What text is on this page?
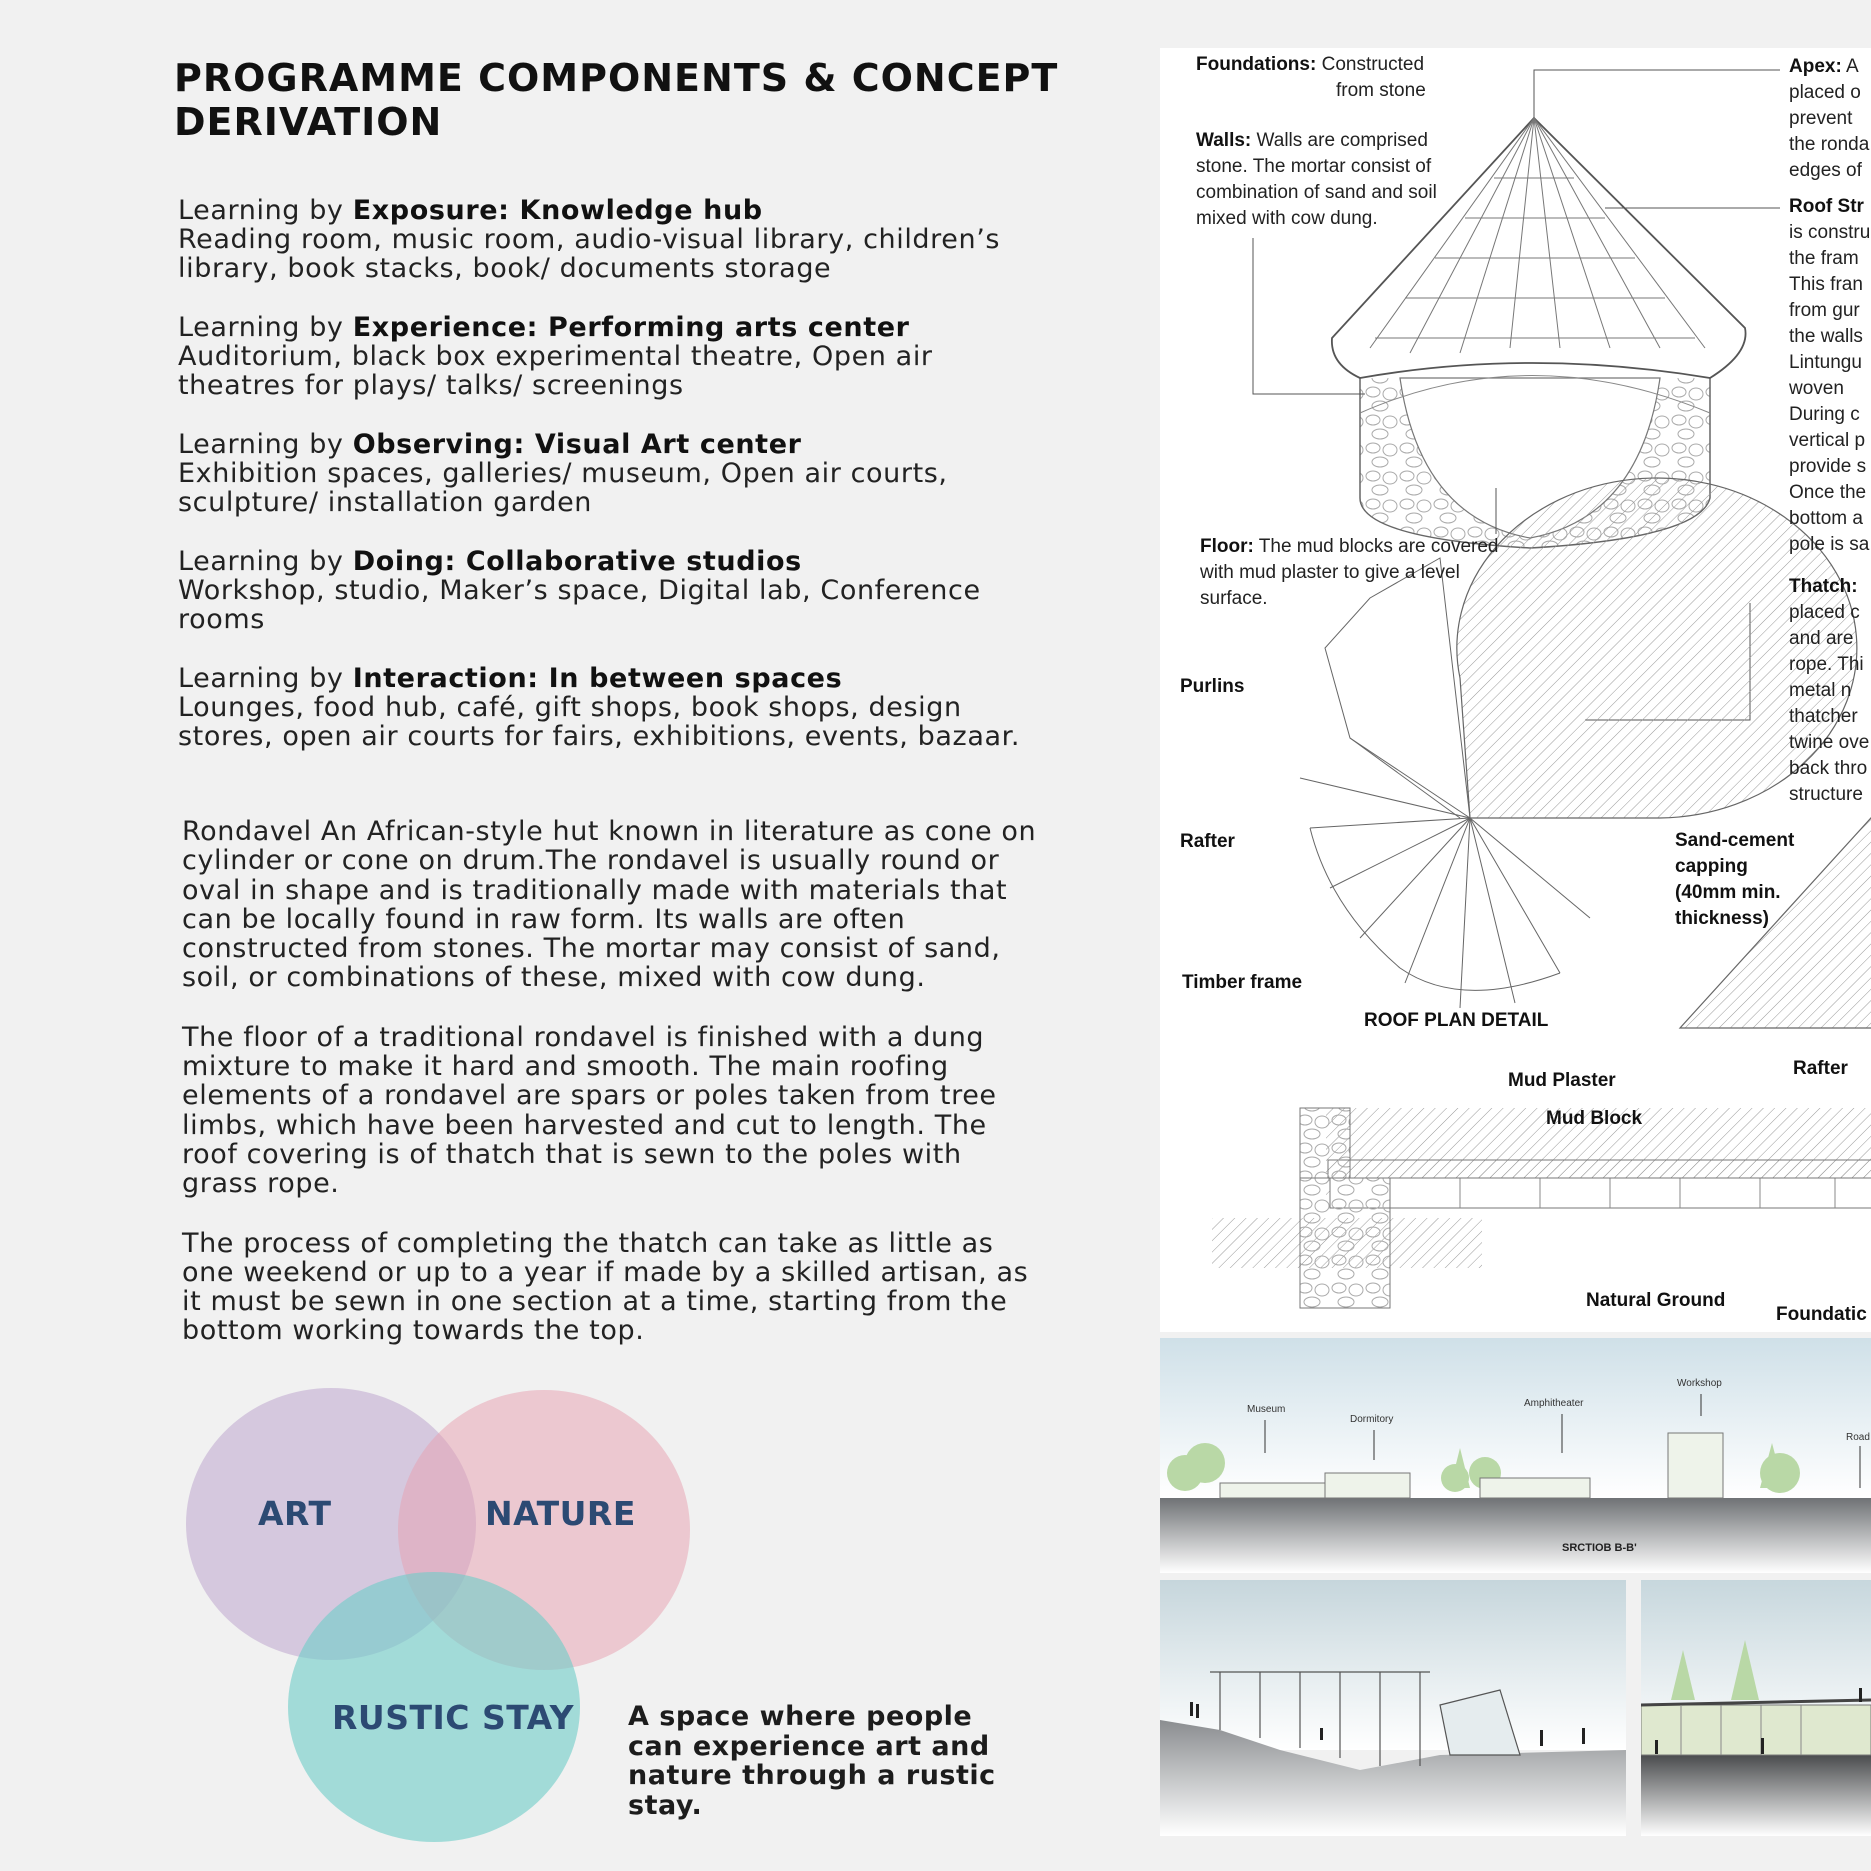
PROGRAMME COMPONENTS & CONCEPT
DERIVATION
Learning by Exposure: Knowledge hub
Reading room, music room, audio-visual library, children’s library, book stacks, book/ documents storage
Learning by Experience: Performing arts center
Auditorium, black box experimental theatre, Open air theatres for plays/ talks/ screenings
Learning by Observing: Visual Art center
Exhibition spaces, galleries/ museum, Open air courts, sculpture/ installation garden
Learning by Doing: Collaborative studios
Workshop, studio, Maker’s space, Digital lab, Conference rooms
Learning by Interaction: In between spaces
Lounges, food hub, café, gift shops, book shops, design stores, open air courts for fairs, exhibitions, events, bazaar.

Rondavel An African-style hut known in literature as cone on cylinder or cone on drum.The rondavel is usually round or oval in shape and is traditionally made with materials that can be locally found in raw form. Its walls are often constructed from stones. The mortar may consist of sand, soil, or combinations of these, mixed with cow dung.

The floor of a traditional rondavel is finished with a dung mixture to make it hard and smooth. The main roofing elements of a rondavel are spars or poles taken from tree limbs, which have been harvested and cut to length. The roof covering is of thatch that is sewn to the poles with grass rope.

The process of completing the thatch can take as little as one weekend or up to a year if made by a skilled artisan, as it must be sewn in one section at a time, starting from the bottom working towards the top.

ART	NATURE
RUSTIC STAY A space where people can experience art and nature through a rustic stay.
Foundations: Constructed
from stone
Walls: Walls are comprised
stone. The mortar consist of
combination of sand and soil
mixed with cow dung.
Floor: The mud blocks are covered
with mud plaster to give a level
surface.
Apex: A
placed o
prevent
the ronda
edges of
Roof Str
is constru
the fram
This fran
from gur
the walls
Lintungu
woven
During c
vertical p
provide s
Once the
bottom a
pole is sa
Thatch:
placed c
and are
rope. Thi
metal n
thatcher
twine ove
back thro
structure
Purlins
Rafter
Timber frame
ROOF PLAN DETAIL
Sand-cement
capping
(40mm min.
thickness)
Rafter
Mud Plaster
Mud Block
Natural Ground
Foundatic
Museum
Dormitory
Amphitheater
Workshop
Road
SRCTIOB B-B'
